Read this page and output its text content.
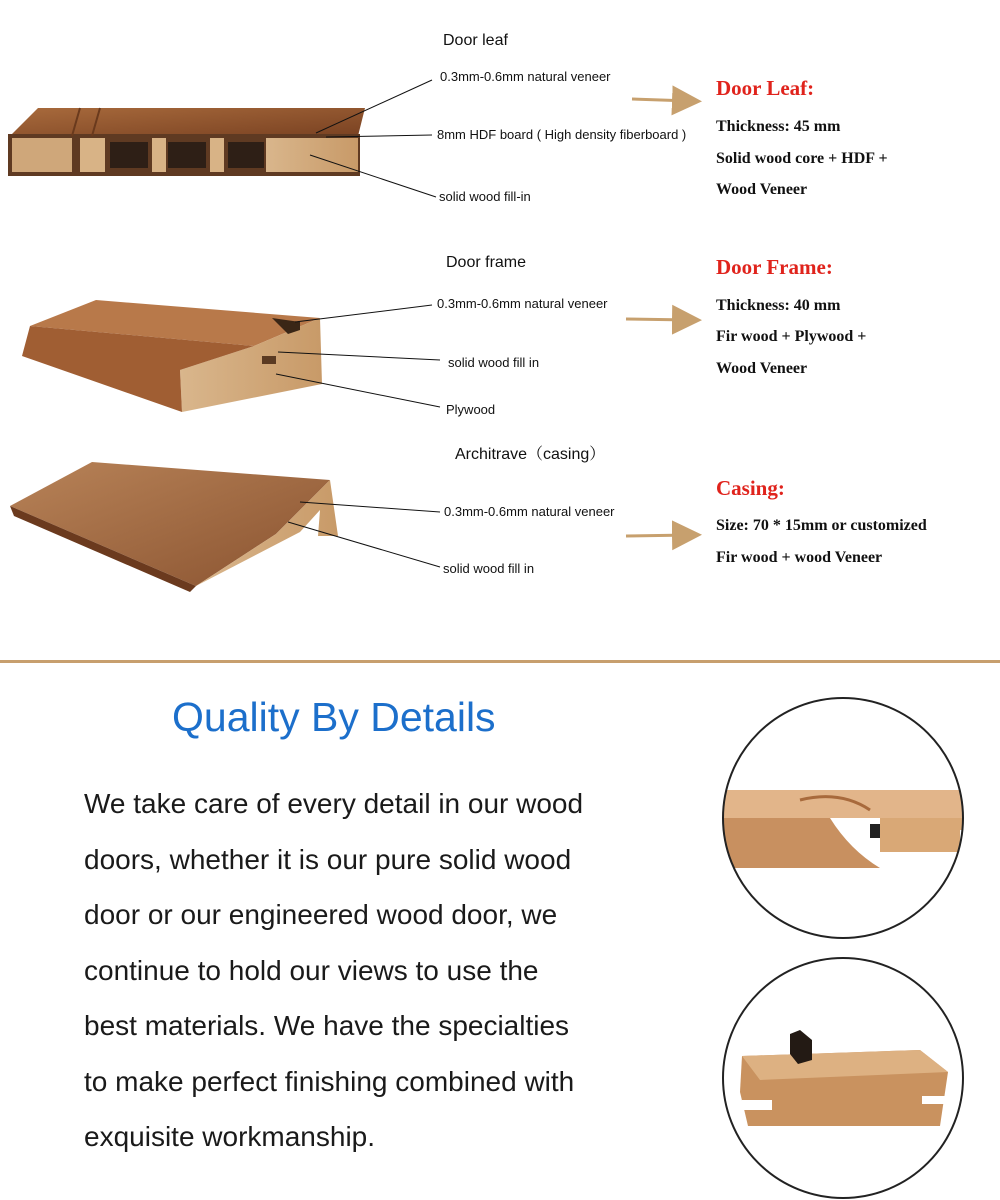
Door leaf
0.3mm-0.6mm natural veneer
8mm HDF board ( High density fiberboard )
solid wood fill-in
Door Leaf:
Thickness: 45 mm
Solid wood core + HDF +
Wood Veneer
Door frame
0.3mm-0.6mm natural veneer
solid wood fill in
Plywood
Door Frame:
Thickness: 40 mm
Fir wood + Plywood +
Wood Veneer
Architrave（casing）
0.3mm-0.6mm natural veneer
solid wood fill in
Casing:
Size: 70 * 15mm or customized
Fir wood + wood Veneer
Quality By Details
We take care of every detail in our wood
doors, whether it is our pure solid wood
door or our engineered wood door, we
continue to hold our views to use the
best materials. We have the specialties
to make perfect finishing combined with
exquisite workmanship.
